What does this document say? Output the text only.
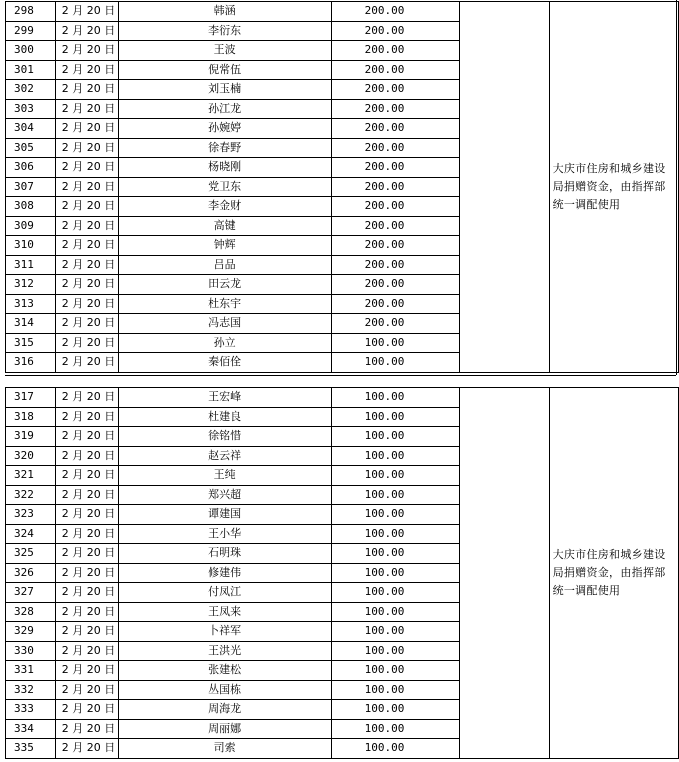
298	2 月 20 日	韩涵	200.00		大庆市住房和城乡建设局捐赠资金，由指挥部统一调配使用
299	2 月 20 日	李衍东	200.00		
300	2 月 20 日	王波	200.00		
301	2 月 20 日	倪常伍	200.00		
302	2 月 20 日	刘玉楠	200.00		
303	2 月 20 日	孙江龙	200.00		
304	2 月 20 日	孙婉婷	200.00		
305	2 月 20 日	徐春野	200.00		
306	2 月 20 日	杨晓刚	200.00		
307	2 月 20 日	党卫东	200.00		
308	2 月 20 日	李金财	200.00		
309	2 月 20 日	高键	200.00		
310	2 月 20 日	钟辉	200.00		
311	2 月 20 日	吕品	200.00		
312	2 月 20 日	田云龙	200.00		
313	2 月 20 日	杜东宇	200.00		
314	2 月 20 日	冯志国	200.00		
315	2 月 20 日	孙立	100.00		
316	2 月 20 日	秦佰佺	100.00		
317	2 月 20 日	王宏峰	100.00		大庆市住房和城乡建设局捐赠资金，由指挥部统一调配使用
318	2 月 20 日	杜建良	100.00		
319	2 月 20 日	徐铭惜	100.00		
320	2 月 20 日	赵云祥	100.00		
321	2 月 20 日	王纯	100.00		
322	2 月 20 日	郑兴超	100.00		
323	2 月 20 日	谭建国	100.00		
324	2 月 20 日	王小华	100.00		
325	2 月 20 日	石明珠	100.00		
326	2 月 20 日	修建伟	100.00		
327	2 月 20 日	付凤江	100.00		
328	2 月 20 日	王凤来	100.00		
329	2 月 20 日	卜祥军	100.00		
330	2 月 20 日	王洪光	100.00		
331	2 月 20 日	张建松	100.00		
332	2 月 20 日	丛国栋	100.00		
333	2 月 20 日	周海龙	100.00		
334	2 月 20 日	周丽娜	100.00		
335	2 月 20 日	司索	100.00		
